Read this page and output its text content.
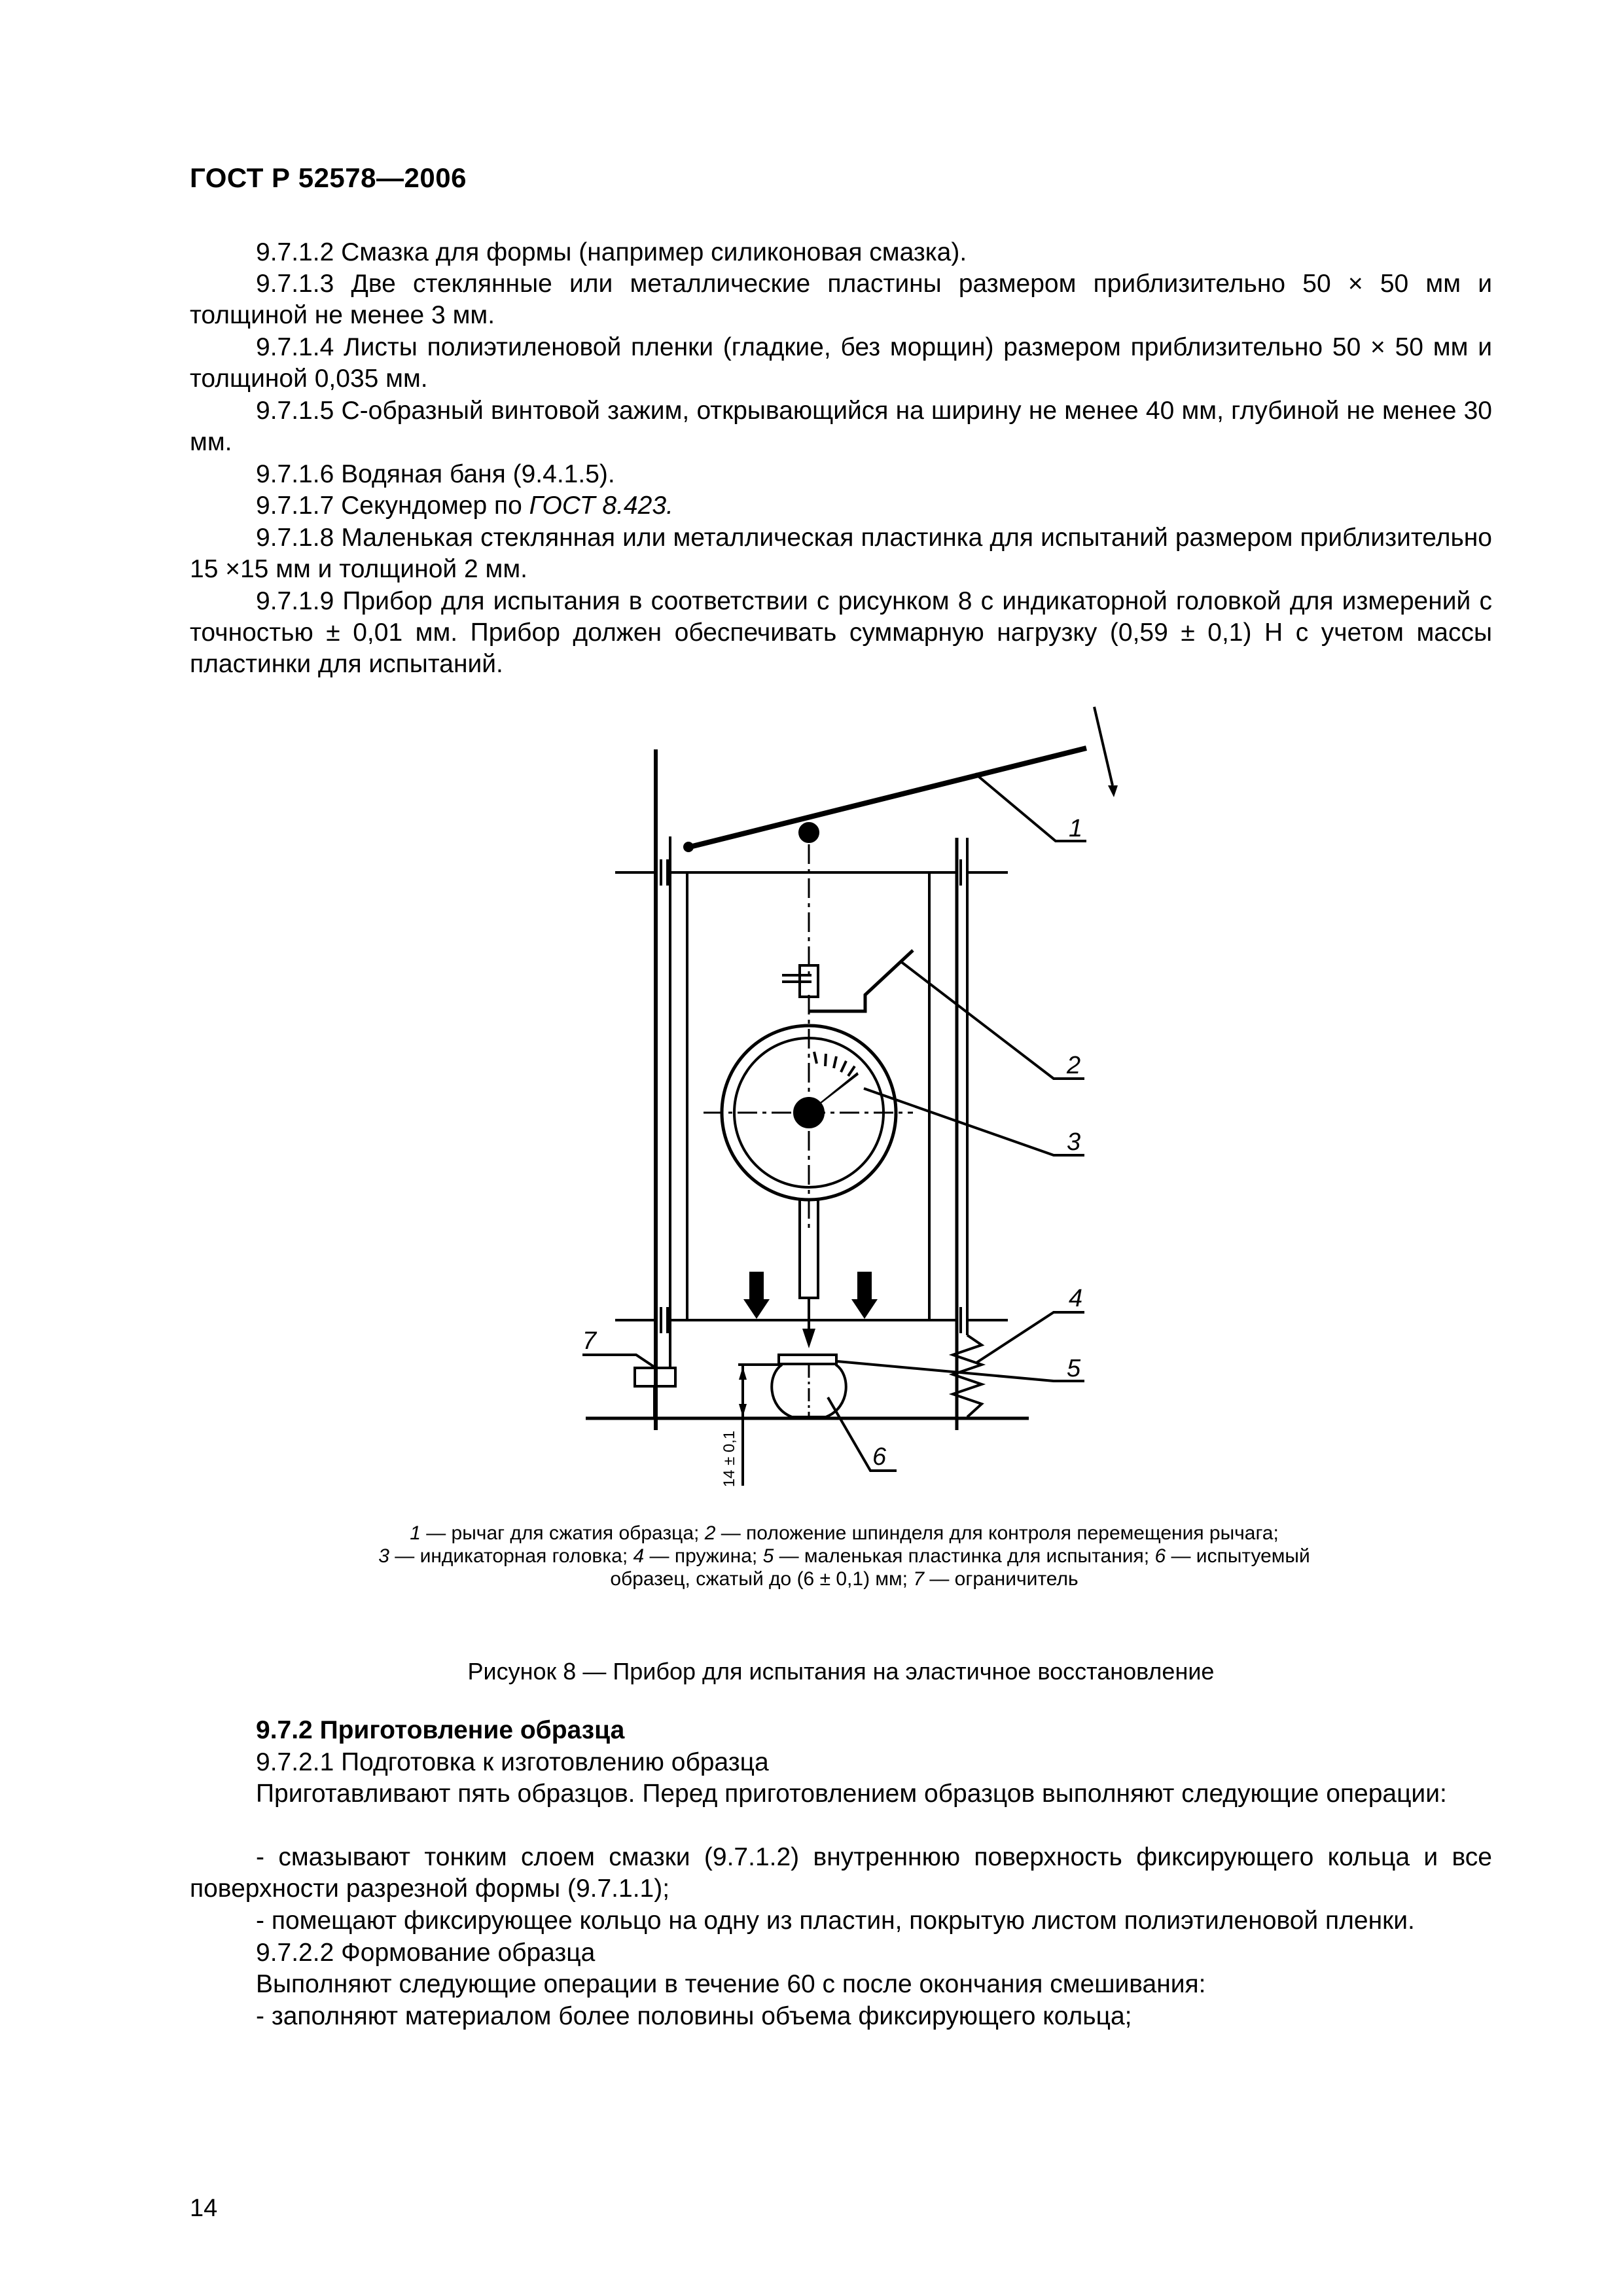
ГОСТ Р 52578—2006
9.7.1.2 Смазка для формы (например силиконовая смазка).
9.7.1.3 Две стеклянные или металлические пластины размером приблизительно 50 × 50 мм и толщиной не менее 3 мм.
9.7.1.4 Листы полиэтиленовой пленки (гладкие, без морщин) размером приблизительно 50 × 50 мм и толщиной 0,035 мм.
9.7.1.5 С-образный винтовой зажим, открывающийся на ширину не менее 40 мм, глубиной не менее 30 мм.
9.7.1.6 Водяная баня (9.4.1.5).
9.7.1.7 Секундомер по ГОСТ 8.423.
9.7.1.8 Маленькая стеклянная или металлическая пластинка для испытаний размером приблизительно 15 ×15 мм и толщиной 2 мм.
9.7.1.9 Прибор для испытания в соответствии с рисунком 8 с индикаторной головкой для измерений с точностью ± 0,01 мм. Прибор должен обеспечивать суммарную нагрузку (0,59 ± 0,1) Н с учетом массы пластинки для испытаний.
1
2
3
4
5
6
7
14 ± 0,1
1 — рычаг для сжатия образца; 2 — положение шпинделя для контроля перемещения рычага;
3 — индикаторная головка; 4 — пружина; 5 — маленькая пластинка для испытания; 6 — испытуемый
образец, сжатый до (6 ± 0,1) мм; 7 — ограничитель
Рисунок 8 — Прибор для испытания на эластичное восстановление
9.7.2 Приготовление образца
9.7.2.1 Подготовка к изготовлению образца
Приготавливают пять образцов. Перед приготовлением образцов выполняют следующие операции:
- смазывают тонким слоем смазки (9.7.1.2) внутреннюю поверхность фиксирующего кольца и все поверхности разрезной формы (9.7.1.1);
- помещают фиксирующее кольцо на одну из пластин, покрытую листом полиэтиленовой пленки.
9.7.2.2 Формование образца
Выполняют следующие операции в течение 60 с после окончания смешивания:
- заполняют материалом более половины объема фиксирующего кольца;
14
